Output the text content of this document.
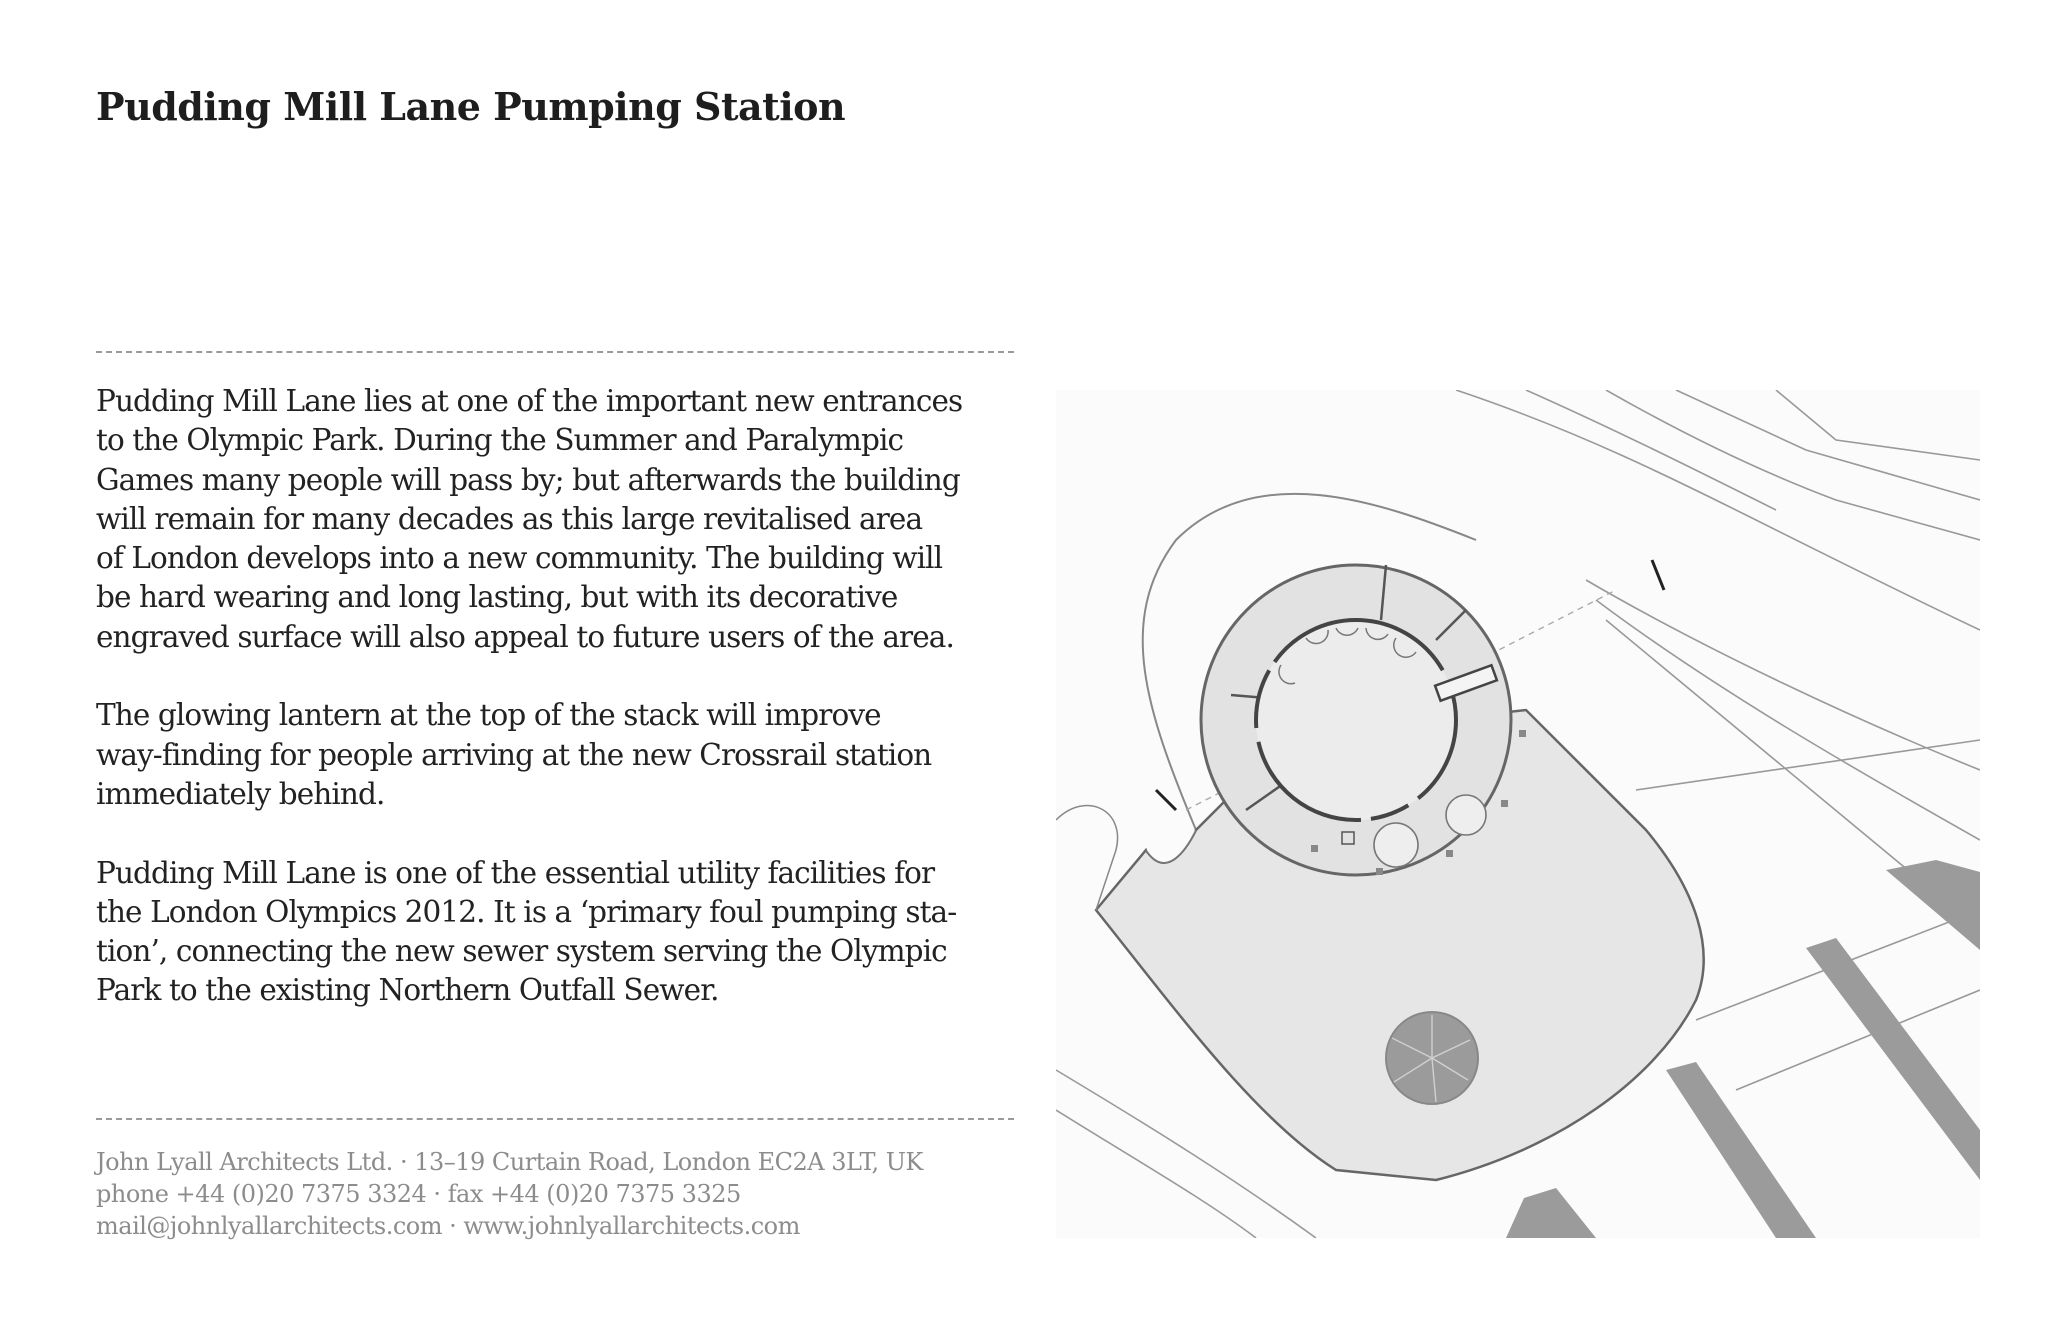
Pudding Mill Lane Pumping Station

Pudding Mill Lane lies at one of the important new entrances
to the Olympic Park. During the Summer and Paralympic
Games many people will pass by; but afterwards the building
will remain for many decades as this large revitalised area
of London develops into a new community. The building will
be hard wearing and long lasting, but with its decorative
engraved surface will also appeal to future users of the area.

The glowing lantern at the top of the stack will improve
way-finding for people arriving at the new Crossrail station
immediately behind.

Pudding Mill Lane is one of the essential utility facilities for
the London Olympics 2012. It is a ‘primary foul pumping sta-
tion’, connecting the new sewer system serving the Olympic
Park to the existing Northern Outfall Sewer.

John Lyall Architects Ltd. · 13–19 Curtain Road, London EC2A 3LT, UK
phone +44 (0)20 7375 3324 · fax +44 (0)20 7375 3325
mail@johnlyallarchitects.com · www.johnlyallarchitects.com
